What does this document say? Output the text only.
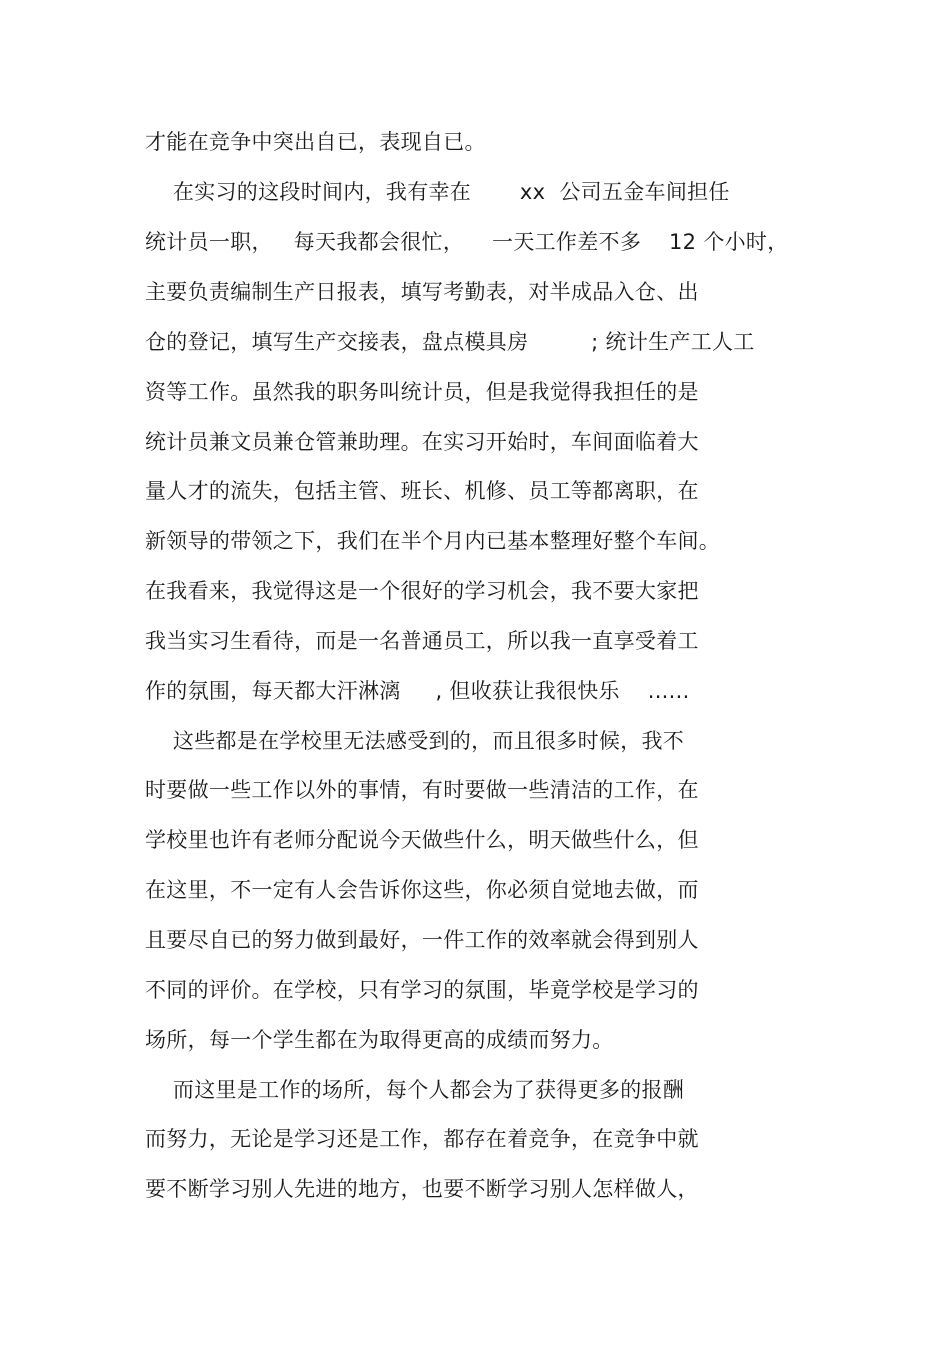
才能在竞争中突出自已，表现自已。
在实习的这段时间内，我有幸在       xx  公司五金车间担任
统计员一职，   每天我都会很忙，    一天工作差不多    12 个小时，
主要负责编制生产日报表，填写考勤表，对半成品入仓、出
仓的登记，填写生产交接表，盘点模具房         ; 统计生产工人工
资等工作。虽然我的职务叫统计员，但是我觉得我担任的是
统计员兼文员兼仓管兼助理。在实习开始时，车间面临着大
量人才的流失，包括主管、班长、机修、员工等都离职，在
新领导的带领之下，我们在半个月内已基本整理好整个车间。
在我看来，我觉得这是一个很好的学习机会，我不要大家把
我当实习生看待，而是一名普通员工，所以我一直享受着工
作的氛围，每天都大汗淋漓     , 但收获让我很快乐    ......
这些都是在学校里无法感受到的，而且很多时候，我不
时要做一些工作以外的事情，有时要做一些清洁的工作，在
学校里也许有老师分配说今天做些什么，明天做些什么，但
在这里，不一定有人会告诉你这些，你必须自觉地去做，而
且要尽自已的努力做到最好，一件工作的效率就会得到别人
不同的评价。在学校，只有学习的氛围，毕竟学校是学习的
场所，每一个学生都在为取得更高的成绩而努力。
而这里是工作的场所，每个人都会为了获得更多的报酬
而努力，无论是学习还是工作，都存在着竞争，在竞争中就
要不断学习别人先进的地方，也要不断学习别人怎样做人，
